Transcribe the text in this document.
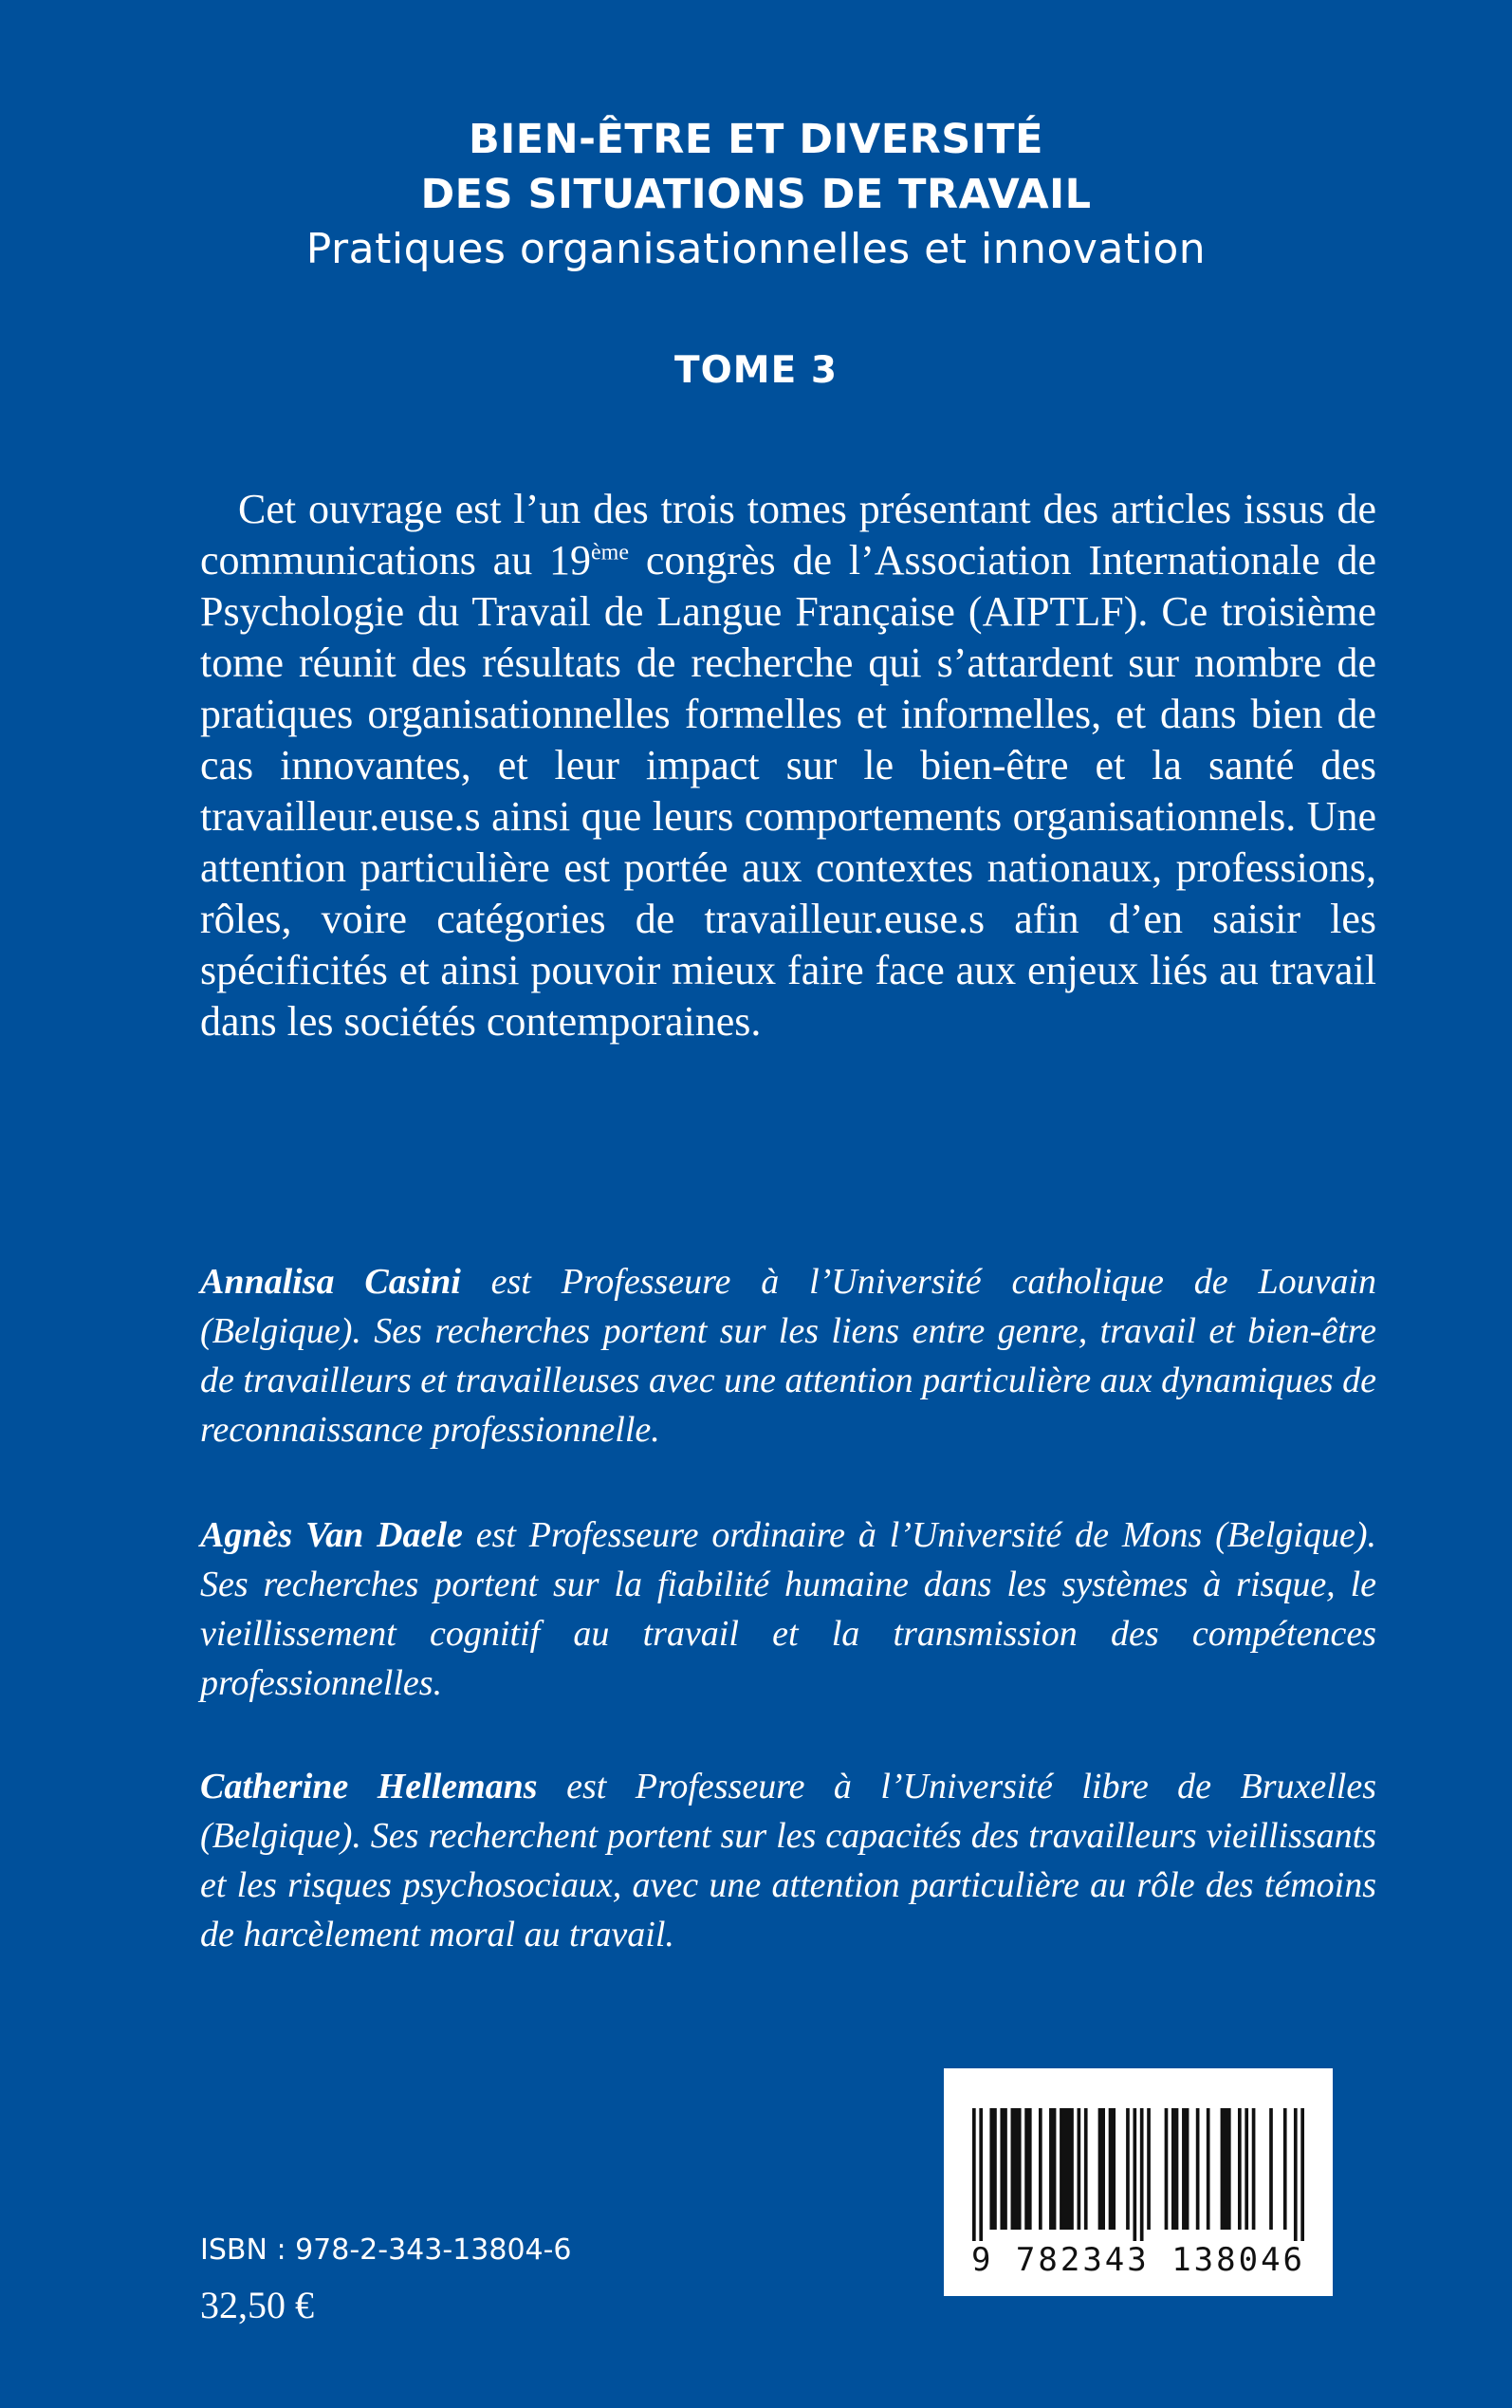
BIEN-ÊTRE ET DIVERSITÉ
DES SITUATIONS DE TRAVAIL
Pratiques organisationnelles et innovation
TOME 3

Cet ouvrage est l’un des trois tomes présentant des articles issus de communications au 19ème congrès de l’Association Internationale de Psychologie du Travail de Langue Française (AIPTLF). Ce troisième tome réunit des résultats de recherche qui s’attardent sur nombre de pratiques organisationnelles formelles et informelles, et dans bien de cas innovantes, et leur impact sur le bien-être et la santé des travailleur.euse.s ainsi que leurs comportements organisationnels. Une attention particulière est portée aux contextes nationaux, professions, rôles, voire catégories de travailleur.euse.s afin d’en saisir les spécificités et ainsi pouvoir mieux faire face aux enjeux liés au travail dans les sociétés contemporaines.

Annalisa Casini est Professeure à l’Université catholique de Louvain (Belgique). Ses recherches portent sur les liens entre genre, travail et bien-être de travailleurs et travailleuses avec une attention particulière aux dynamiques de reconnaissance professionnelle.

Agnès Van Daele est Professeure ordinaire à l’Université de Mons (Belgique). Ses recherches portent sur la fiabilité humaine dans les systèmes à risque, le vieillissement cognitif au travail et la transmission des compétences professionnelles.

Catherine Hellemans est Professeure à l’Université libre de Bruxelles (Belgique). Ses recherchent portent sur les capacités des travailleurs vieillissants et les risques psychosociaux, avec une attention particulière au rôle des témoins de harcèlement moral au travail.

ISBN : 978-2-343-13804-6
32,50 €
9 782343 138046
